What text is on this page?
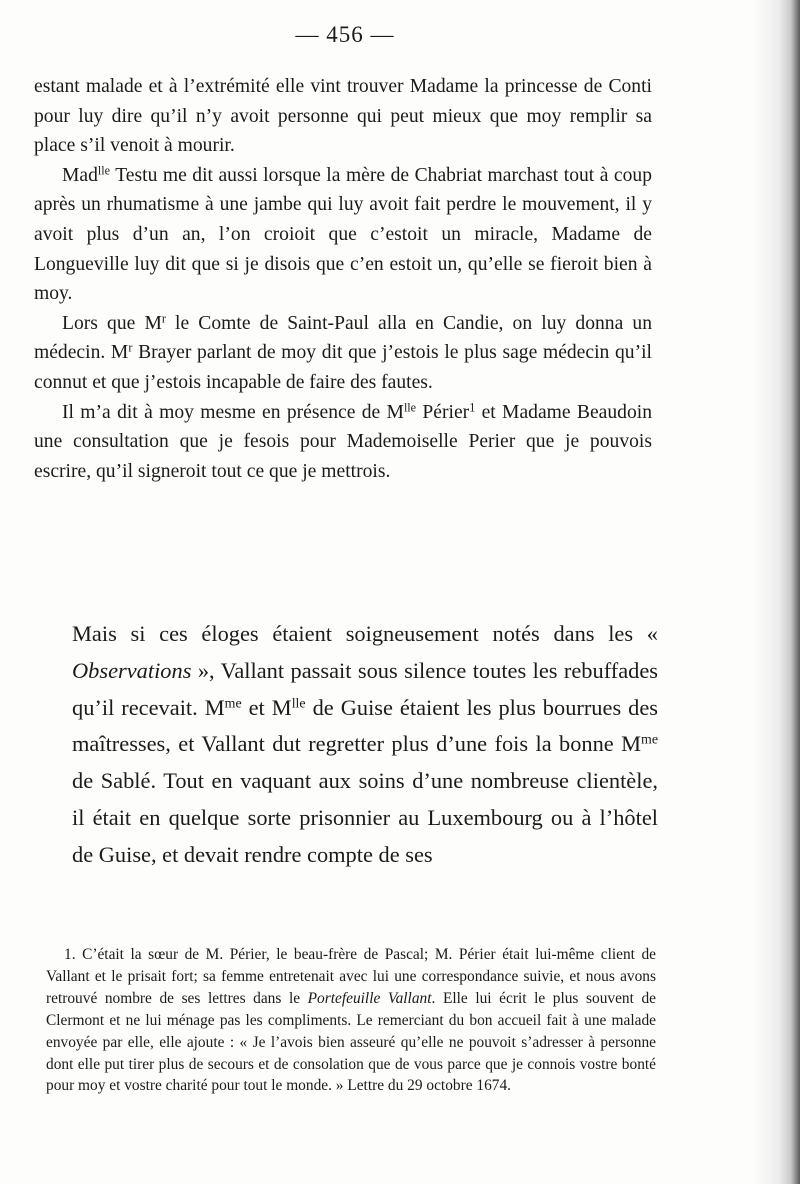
— 456 —

estant malade et à l’extrémité elle vint trouver Madame la princesse de Conti pour luy dire qu’il n’y avoit personne qui peut mieux que moy remplir sa place s’il venoit à mourir.

Mad$^{lle}$ Testu me dit aussi lorsque la mère de Chabriat marchast tout à coup après un rhumatisme à une jambe qui luy avoit fait perdre le mouvement, il y avoit plus d’un an, l’on croioit que c’estoit un miracle, Madame de Longueville luy dit que si je disois que c’en estoit un, qu’elle se fieroit bien à moy.

Lors que $M^r$ le Comte de Saint-Paul alla en Candie, on luy donna un médecin. $M^r$ Brayer parlant de moy dit que j’estois le plus sage médecin qu’il connut et que j’estois incapable de faire des fautes.

Il m’a dit à moy mesme en présence de $M^{lle}$ Périer$^1$ et Madame Beaudoin une consultation que je fesois pour Mademoiselle Perier que je pouvois escrire, qu’il signeroit tout ce que je mettrois.

Mais si ces éloges étaient soigneusement notés dans les « Observations », Vallant passait sous silence toutes les rebuffades qu’il recevait. $M^{me}$ et $M^{lle}$ de Guise étaient les plus bourrues des maîtresses, et Vallant dut regretter plus d’une fois la bonne $M^{me}$ de Sablé. Tout en vaquant aux soins d’une nombreuse clientèle, il était en quelque sorte prisonnier au Luxembourg ou à l’hôtel de Guise, et devait rendre compte de ses

1. C’était la sœur de M. Périer, le beau-frère de Pascal; M. Périer était lui-même client de Vallant et le prisait fort; sa femme entretenait avec lui une correspondance suivie, et nous avons retrouvé nombre de ses lettres dans le Portefeuille Vallant. Elle lui écrit le plus souvent de Clermont et ne lui ménage pas les compliments. Le remerciant du bon accueil fait à une malade envoyée par elle, elle ajoute : « Je l’avois bien asseuré qu’elle ne pouvoit s’adresser à personne dont elle put tirer plus de secours et de consolation que de vous parce que je connois vostre bonté pour moy et vostre charité pour tout le monde. » Lettre du 29 octobre 1674.
